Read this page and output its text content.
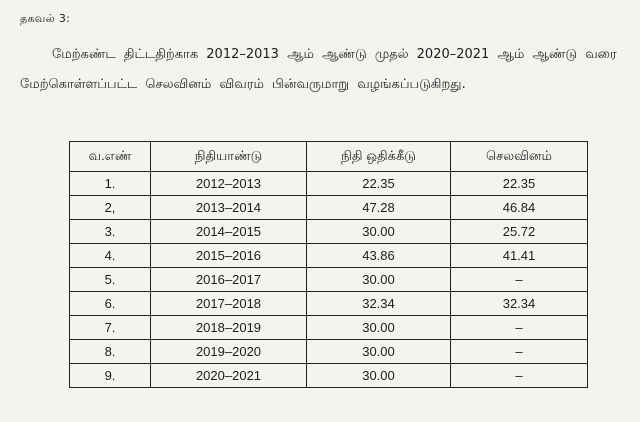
தகவல் 3:
மேற்கண்ட திட்டதிற்காக 2012–2013 ஆம் ஆண்டு முதல் 2020–2021 ஆம் ஆண்டு வரை மேற்கொள்ளப்பட்ட செலவினம் விவரம் பின்வருமாறு வழங்கப்படுகிறது.
வ.எண்	நிதியாண்டு	நிதி ஒதிக்கீடு	செலவினம்
1.	2012–2013	22.35	22.35
2,	2013–2014	47.28	46.84
3.	2014–2015	30.00	25.72
4.	2015–2016	43.86	41.41
5.	2016–2017	30.00	–
6.	2017–2018	32.34	32.34
7.	2018–2019	30.00	–
8.	2019–2020	30.00	–
9.	2020–2021	30.00	–
